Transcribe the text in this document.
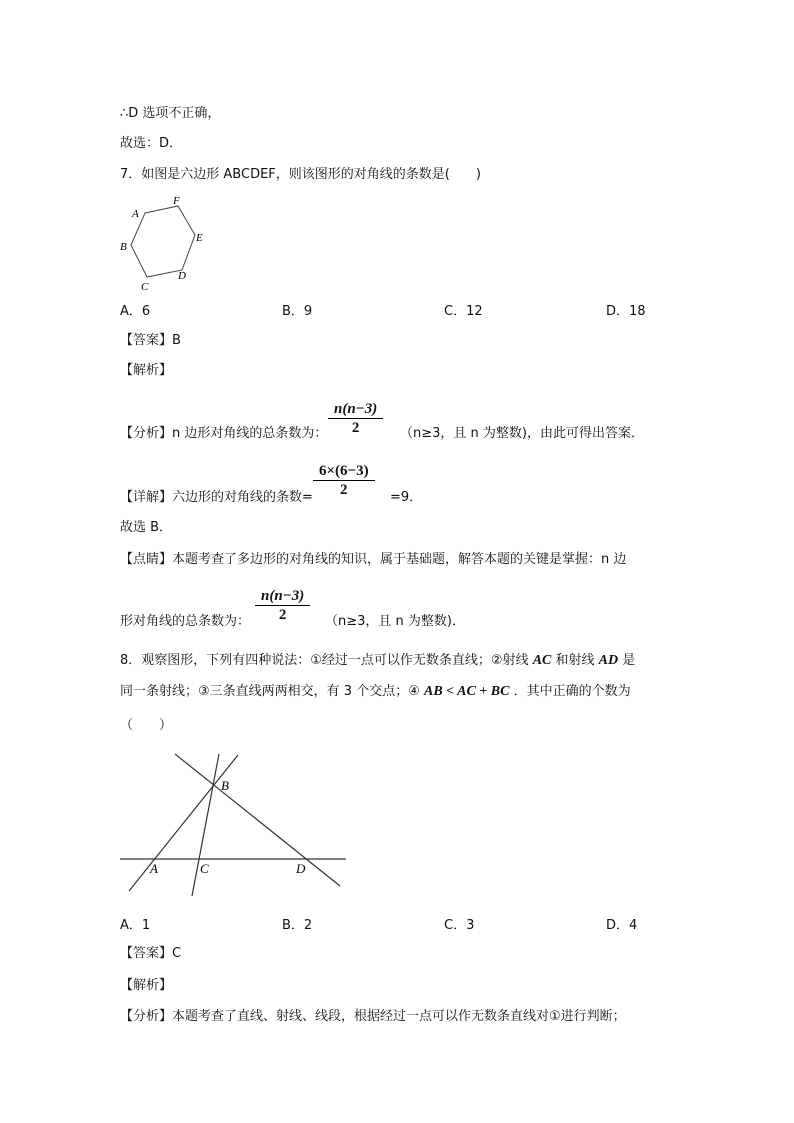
∴D 选项不正确，
故选：D．
7．如图是六边形 ABCDEF，则该图形的对角线的条数是(　　)
A
B
C
D
E
F
A．6	B．9	C．12	D．18
【答案】B
【解析】
【分析】n 边形对角线的总条数为： $\frac{n(n-3)}{2} (n\ge 3$，且 n 为整数)，由此可得出答案．
【详解】六边形的对角线的条数= $\frac{6\times(6-3)}{2} =9$．
故选 B．
【点睛】本题考查了多边形的对角线的知识，属于基础题，解答本题的关键是掌握：n 边
形对角线的总条数为： $\frac{n(n-3)}{2} (n\ge 3$，且 n 为整数)．
8．观察图形，下列有四种说法：①经过一点可以作无数条直线；②射线 AC 和射线 AD 是
同一条射线；③三条直线两两相交，有 3 个交点；④ AB < AC + BC ．其中正确的个数为
（　　）
A
B
C	D
A．1	B．2	C．3	D．4
【答案】C
【解析】
【分析】本题考查了直线、射线、线段，根据经过一点可以作无数条直线对①进行判断；
